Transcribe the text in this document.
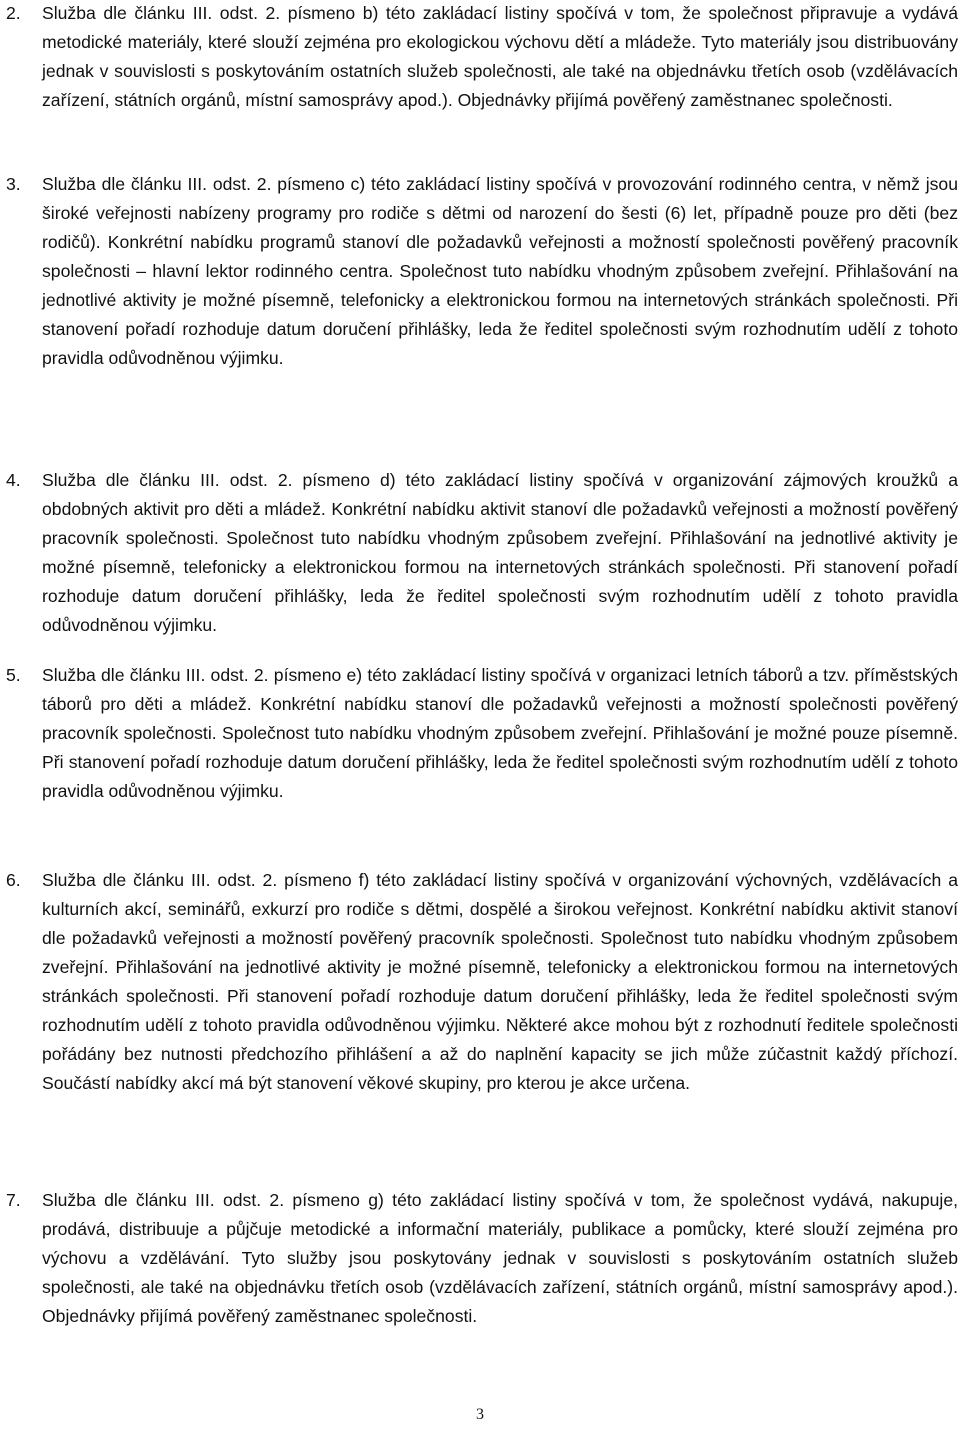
2. Služba dle článku III. odst. 2. písmeno b) této zakládací listiny spočívá v tom, že společnost připravuje a vydává metodické materiály, které slouží zejména pro ekologickou výchovu dětí a mládeže. Tyto materiály jsou distribuovány jednak v souvislosti s poskytováním ostatních služeb společnosti, ale také na objednávku třetích osob (vzdělávacích zařízení, státních orgánů, místní samosprávy apod.). Objednávky přijímá pověřený zaměstnanec společnosti.
3. Služba dle článku III. odst. 2. písmeno c) této zakládací listiny spočívá v provozování rodinného centra, v němž jsou široké veřejnosti nabízeny programy pro rodiče s dětmi od narození do šesti (6) let, případně pouze pro děti (bez rodičů). Konkrétní nabídku programů stanoví dle požadavků veřejnosti a možností společnosti pověřený pracovník společnosti – hlavní lektor rodinného centra. Společnost tuto nabídku vhodným způsobem zveřejní. Přihlašování na jednotlivé aktivity je možné písemně, telefonicky a elektronickou formou na internetových stránkách společnosti. Při stanovení pořadí rozhoduje datum doručení přihlášky, leda že ředitel společnosti svým rozhodnutím udělí z tohoto pravidla odůvodněnou výjimku.
4. Služba dle článku III. odst. 2. písmeno d) této zakládací listiny spočívá v organizování zájmových kroužků a obdobných aktivit pro děti a mládež. Konkrétní nabídku aktivit stanoví dle požadavků veřejnosti a možností pověřený pracovník společnosti. Společnost tuto nabídku vhodným způsobem zveřejní. Přihlašování na jednotlivé aktivity je možné písemně, telefonicky a elektronickou formou na internetových stránkách společnosti. Při stanovení pořadí rozhoduje datum doručení přihlášky, leda že ředitel společnosti svým rozhodnutím udělí z tohoto pravidla odůvodněnou výjimku.
5. Služba dle článku III. odst. 2. písmeno e) této zakládací listiny spočívá v organizaci letních táborů a tzv. příměstských táborů pro děti a mládež. Konkrétní nabídku stanoví dle požadavků veřejnosti a možností společnosti pověřený pracovník společnosti. Společnost tuto nabídku vhodným způsobem zveřejní. Přihlašování je možné pouze písemně. Při stanovení pořadí rozhoduje datum doručení přihlášky, leda že ředitel společnosti svým rozhodnutím udělí z tohoto pravidla odůvodněnou výjimku.
6. Služba dle článku III. odst. 2. písmeno f) této zakládací listiny spočívá v organizování výchovných, vzdělávacích a kulturních akcí, seminářů, exkurzí pro rodiče s dětmi, dospělé a širokou veřejnost. Konkrétní nabídku aktivit stanoví dle požadavků veřejnosti a možností pověřený pracovník společnosti. Společnost tuto nabídku vhodným způsobem zveřejní. Přihlašování na jednotlivé aktivity je možné písemně, telefonicky a elektronickou formou na internetových stránkách společnosti. Při stanovení pořadí rozhoduje datum doručení přihlášky, leda že ředitel společnosti svým rozhodnutím udělí z tohoto pravidla odůvodněnou výjimku. Některé akce mohou být z rozhodnutí ředitele společnosti pořádány bez nutnosti předchozího přihlášení a až do naplnění kapacity se jich může zúčastnit každý příchozí. Součástí nabídky akcí má být stanovení věkové skupiny, pro kterou je akce určena.
7. Služba dle článku III. odst. 2. písmeno g) této zakládací listiny spočívá v tom, že společnost vydává, nakupuje, prodává, distribuuje a půjčuje metodické a informační materiály, publikace a pomůcky, které slouží zejména pro výchovu a vzdělávání. Tyto služby jsou poskytovány jednak v souvislosti s poskytováním ostatních služeb společnosti, ale také na objednávku třetích osob (vzdělávacích zařízení, státních orgánů, místní samosprávy apod.). Objednávky přijímá pověřený zaměstnanec společnosti.
3
